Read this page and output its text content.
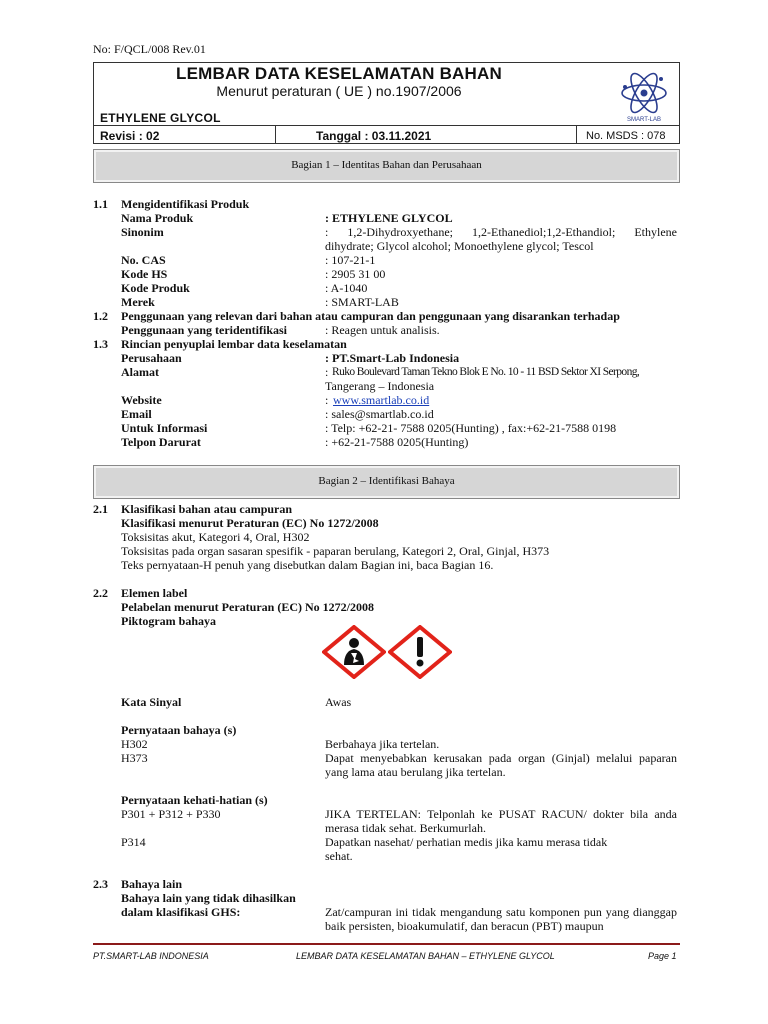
No: F/QCL/008 Rev.01
LEMBAR DATA KESELAMATAN BAHAN
Menurut peraturan ( UE ) no.1907/2006
ETHYLENE GLYCOL
Revisi : 02	Tanggal : 03.11.2021	No. MSDS : 078
SMART-LAB
Bagian 1 – Identitas Bahan dan Perusahaan
1.1 Mengidentifikasi Produk
Nama Produk	: ETHYLENE GLYCOL
Sinonim	: 1,2-Dihydroxyethane; 1,2-Ethanediol;1,2-Ethandiol; Ethylene dihydrate; Glycol alcohol; Monoethylene glycol; Tescol
No. CAS	: 107-21-1
Kode HS	: 2905 31 00
Kode Produk	: A-1040
Merek	: SMART-LAB
1.2 Penggunaan yang relevan dari bahan atau campuran dan penggunaan yang disarankan terhadap
Penggunaan yang teridentifikasi	: Reagen untuk analisis.
1.3 Rincian penyuplai lembar data keselamatan
Perusahaan	: PT.Smart-Lab Indonesia
Alamat	: Ruko Boulevard Taman Tekno Blok E No. 10 - 11 BSD Sektor XI Serpong,
Tangerang – Indonesia
Website	: www.smartlab.co.id
Email	: sales@smartlab.co.id
Untuk Informasi	: Telp: +62-21- 7588 0205(Hunting) , fax:+62-21-7588 0198
Telpon Darurat	: +62-21-7588 0205(Hunting)
Bagian 2 – Identifikasi Bahaya
2.1 Klasifikasi bahan atau campuran
Klasifikasi menurut Peraturan (EC) No 1272/2008
Toksisitas akut, Kategori 4, Oral, H302
Toksisitas pada organ sasaran spesifik - paparan berulang, Kategori 2, Oral, Ginjal, H373
Teks pernyataan-H penuh yang disebutkan dalam Bagian ini, baca Bagian 16.
2.2 Elemen label
Pelabelan menurut Peraturan (EC) No 1272/2008
Piktogram bahaya
Kata Sinyal	Awas
Pernyataan bahaya (s)
H302	Berbahaya jika tertelan.
H373	Dapat menyebabkan kerusakan pada organ (Ginjal) melalui paparan yang lama atau berulang jika tertelan.
Pernyataan kehati-hatian (s)
P301 + P312 + P330	JIKA TERTELAN: Telponlah ke PUSAT RACUN/ dokter bila anda merasa tidak sehat. Berkumurlah.
P314	Dapatkan nasehat/ perhatian medis jika kamu merasa tidak sehat.
2.3 Bahaya lain
Bahaya lain yang tidak dihasilkan
dalam klasifikasi GHS:	Zat/campuran ini tidak mengandung satu komponen pun yang dianggap baik persisten, bioakumulatif, dan beracun (PBT) maupun
PT.SMART-LAB INDONESIA	LEMBAR DATA KESELAMATAN BAHAN – ETHYLENE GLYCOL	Page 1
